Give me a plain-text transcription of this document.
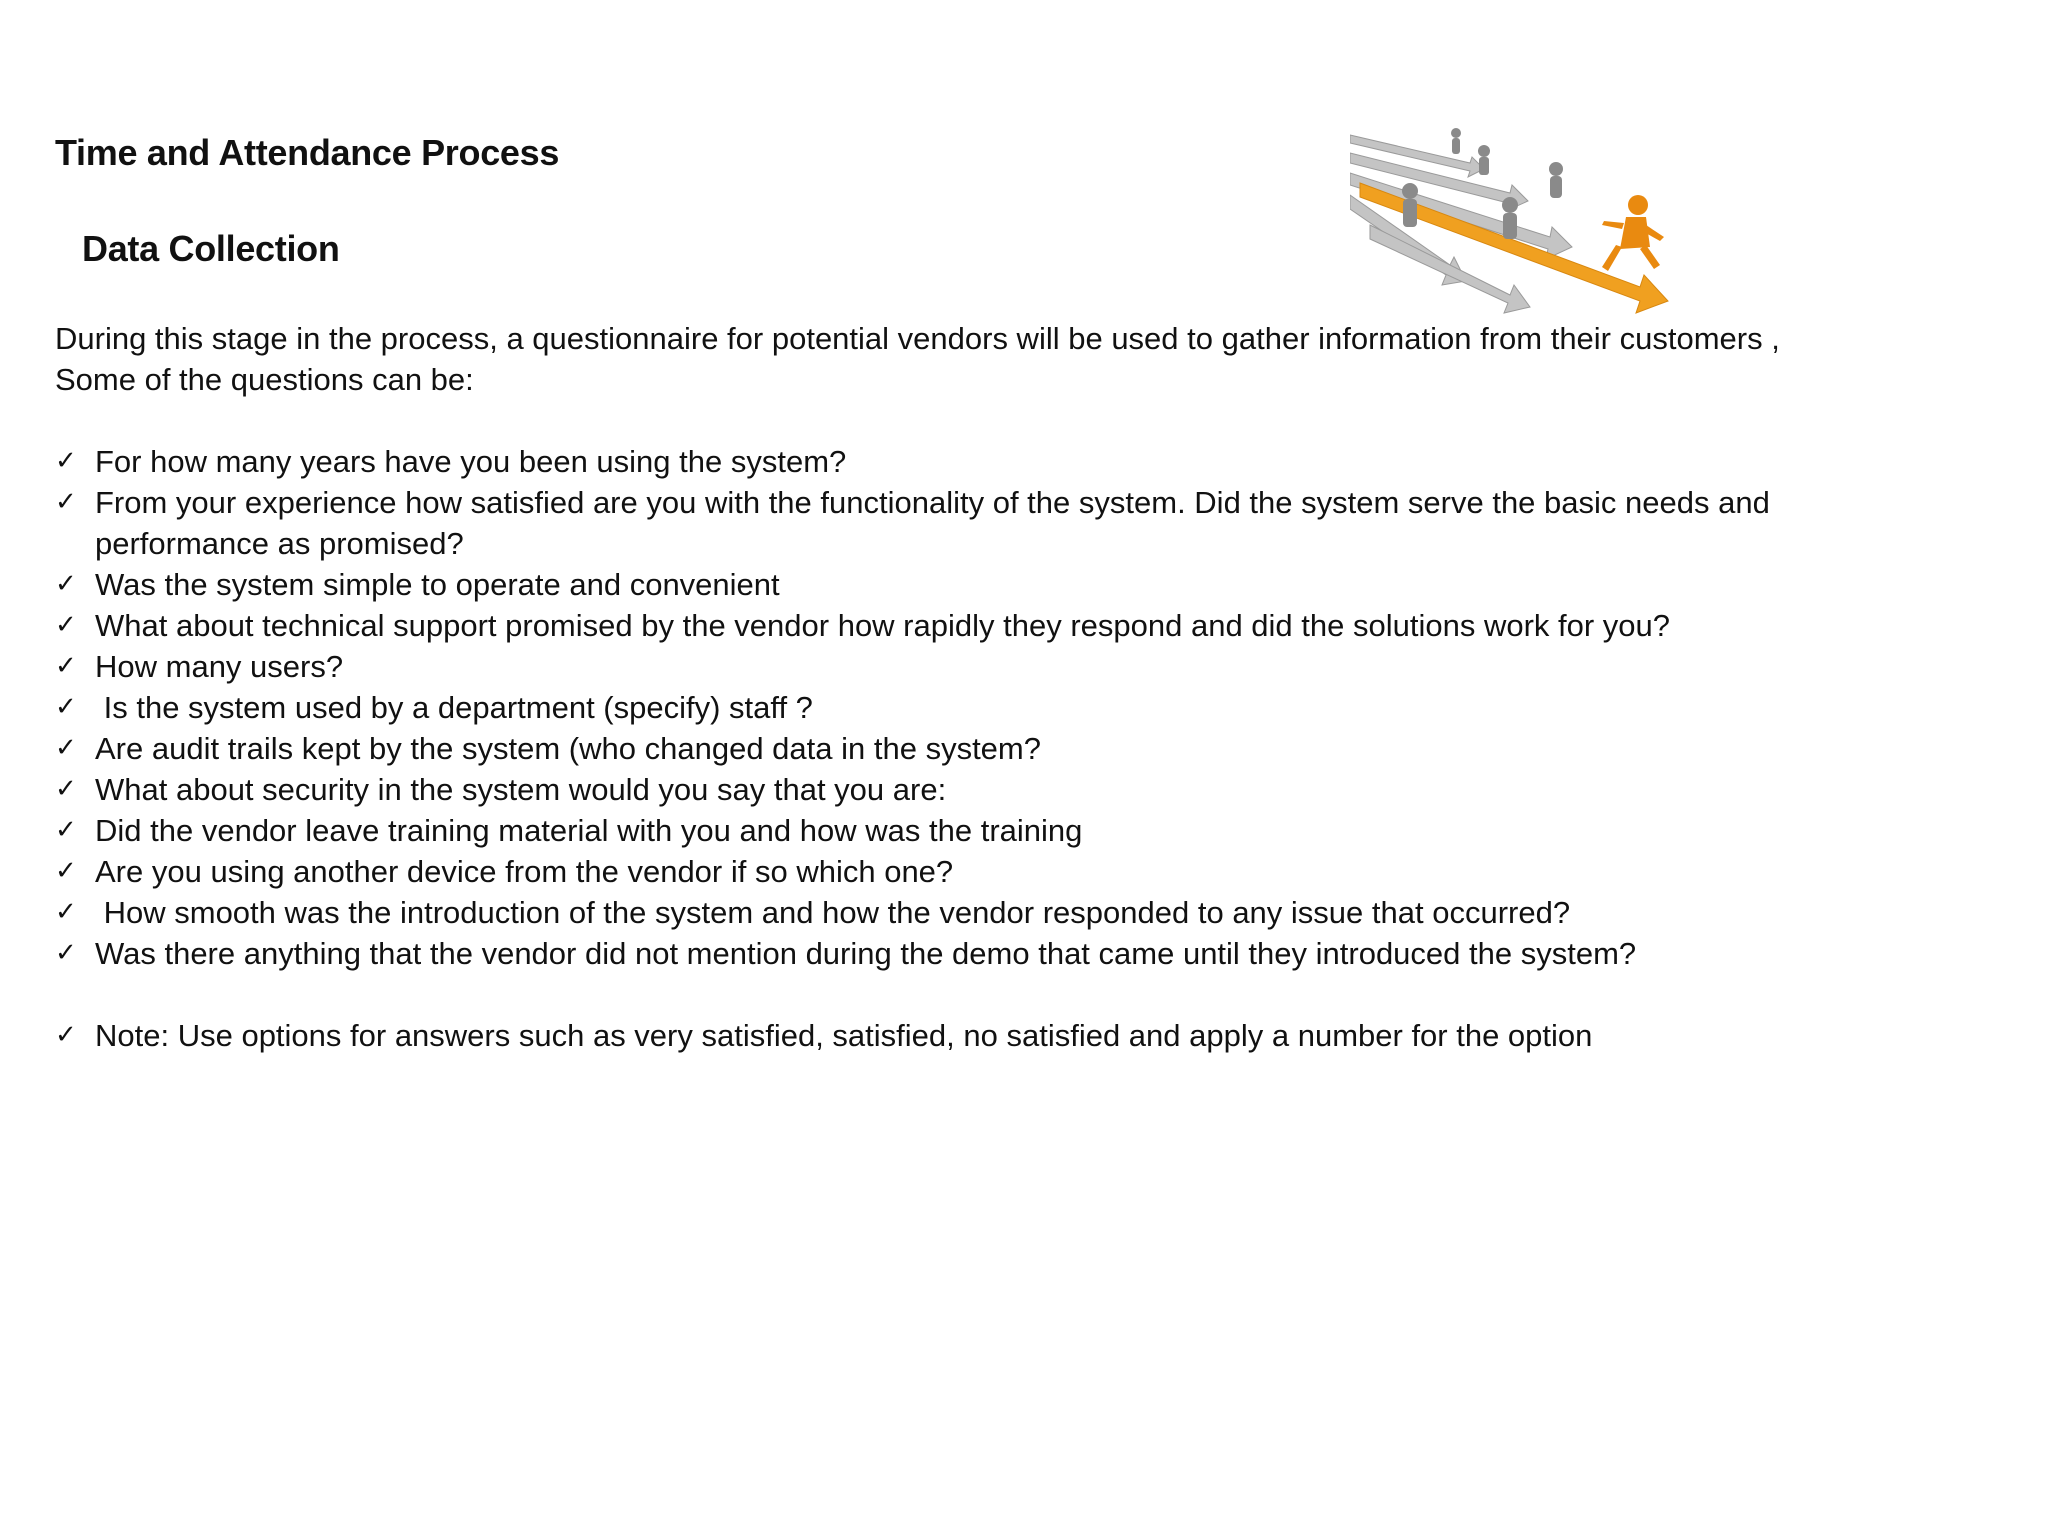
Time and Attendance Process
Data Collection

During this stage in the process, a questionnaire for potential vendors will be used to gather information from their customers ,
Some of the questions can be:

✓ For how many years have you been using the system?
✓ From your experience how satisfied are you with the functionality of the system. Did the system serve the basic needs and performance as promised?
✓ Was the system simple to operate and convenient
✓ What about technical support promised by the vendor how rapidly they respond and did the solutions work for you?
✓ How many users?
✓ Is the system used by a department (specify) staff ?
✓ Are audit trails kept by the system (who changed data in the system?
✓ What about security in the system would you say that you are:
✓ Did the vendor leave training material with you and how was the training
✓ Are you using another device from the vendor if so which one?
✓ How smooth was the introduction of the system and how the vendor responded to any issue that occurred?
✓ Was there anything that the vendor did not mention during the demo that came until they introduced the system?
✓ Note: Use options for answers such as very satisfied, satisfied, no satisfied and apply a number for the option
